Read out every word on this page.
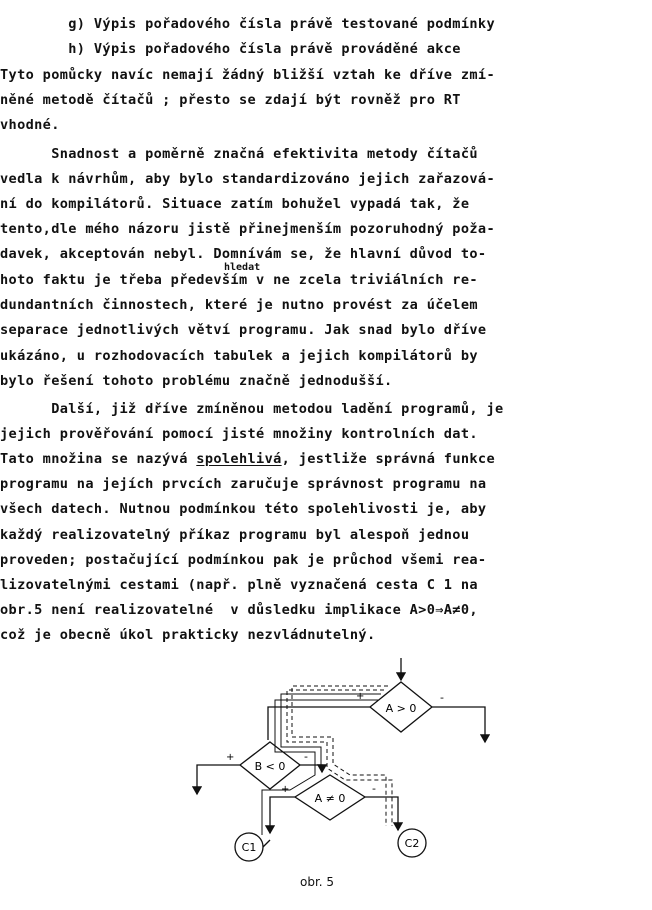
g) Výpis pořadového čísla právě testované podmínky
h) Výpis pořadového čísla právě prováděné akce
Tyto pomůcky navíc nemají žádný bližší vztah ke dříve zmí-
něné metodě čítačů ; přesto se zdají být rovněž pro RT
vhodné.
Snadnost a poměrně značná efektivita metody čítačů
vedla k návrhům, aby bylo standardizováno jejich zařazová-
ní do kompilátorů. Situace zatím bohužel vypadá tak, že
tento,dle mého názoru jistě přinejmenším pozoruhodný poža-
davek, akceptován nebyl. Domnívám se, že hlavní důvod to-
hledat
hoto faktu je třeba především v ne zcela triviálních re-
dundantních činnostech, které je nutno provést za účelem
separace jednotlivých větví programu. Jak snad bylo dříve
ukázáno, u rozhodovacích tabulek a jejich kompilátorů by
bylo řešení tohoto problému značně jednodušší.
Další, již dříve zmíněnou metodou ladění programů, je
jejich prověřování pomocí jisté množiny kontrolních dat.
Tato množina se nazývá spolehlivá, jestliže správná funkce
programu na jejích prvcích zaručuje správnost programu na
všech datech. Nutnou podmínkou této spolehlivosti je, aby
každý realizovatelný příkaz programu byl alespoň jednou
proveden; postačující podmínkou pak je průchod všemi rea-
lizovatelnými cestami (např. plně vyznačená cesta C 1 na
obr.5 není realizovatelné  v důsledku implikace A>0⇒A≠0,
což je obecně úkol prakticky nezvládnutelný.
A > 0
B < 0
A ≠ 0
C1	C2
+	-
+	-
+	-
obr. 5
